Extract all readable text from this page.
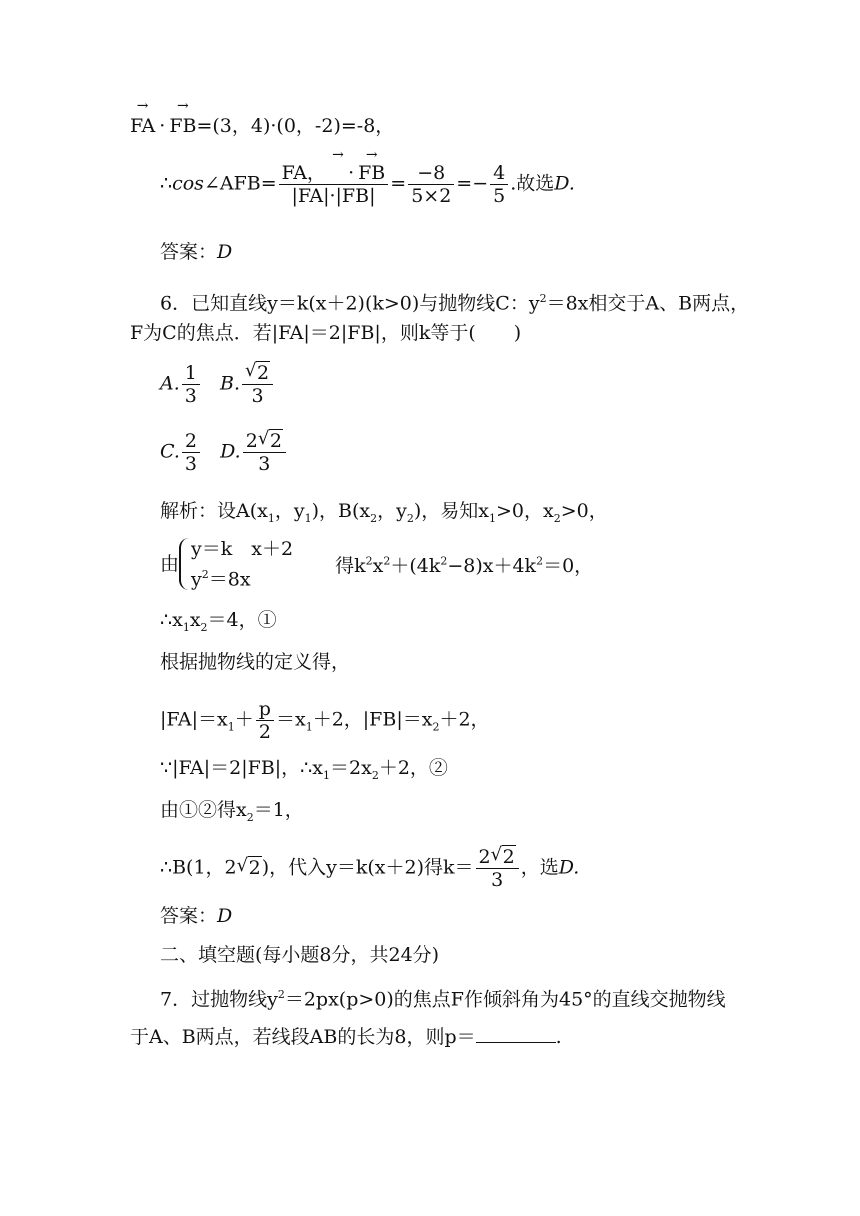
→ FA · → FB=(3，4)·(0，-2)=-8，
∴cos∠AFB= $\frac{FA, \to ​ \cdot \to FB}{|FA|\cdot|FB|} = \frac{-8}{5\times 2} =- \frac{4}{5}$ .故选D.
答案：D
6．已知直线y＝k(x＋2)(k>0)与抛物线C：$y^2=8x$相交于A、B两点，
F为C的焦点．若|FA|＝2|FB|，则k等于(　　)
A. $\frac{1}{3} B$. $\frac{√ 2}{3}$
C. $\frac{2}{3} D$. $\frac{2 √ 2}{3}$
解析：设$A(x_1$，$y_1$)，$B(x_2$，$y_2$)，易知$x_1>0$，$x_2>0$，
由
y＝k　x＋2
$y^2=8x$
得$k^2x^2+(4k^2-8)x+4k^2=0$，
$\therefore x_1x_2=4$，①
根据抛物线的定义得，
$|FA|=x_1+ \frac{p}{2} =x_1+2$，$|FB|=x_2+2$，
∵|FA|＝2|FB|，$\therefore x_1=2x_2+2$，②
由①②得$x_2=1$，
∴B(1，2 √ 2)，代入y＝k(x＋2)得$k= \frac{2 √ 2}{3}$ ，选D.
答案：D
二、填空题(每小题8分，共24分)
7．过抛物线$y^2=2px(p>0)$的焦点F作倾斜角为45°的直线交抛物线
于A、B两点，若线段AB的长为8，则p＝	.
